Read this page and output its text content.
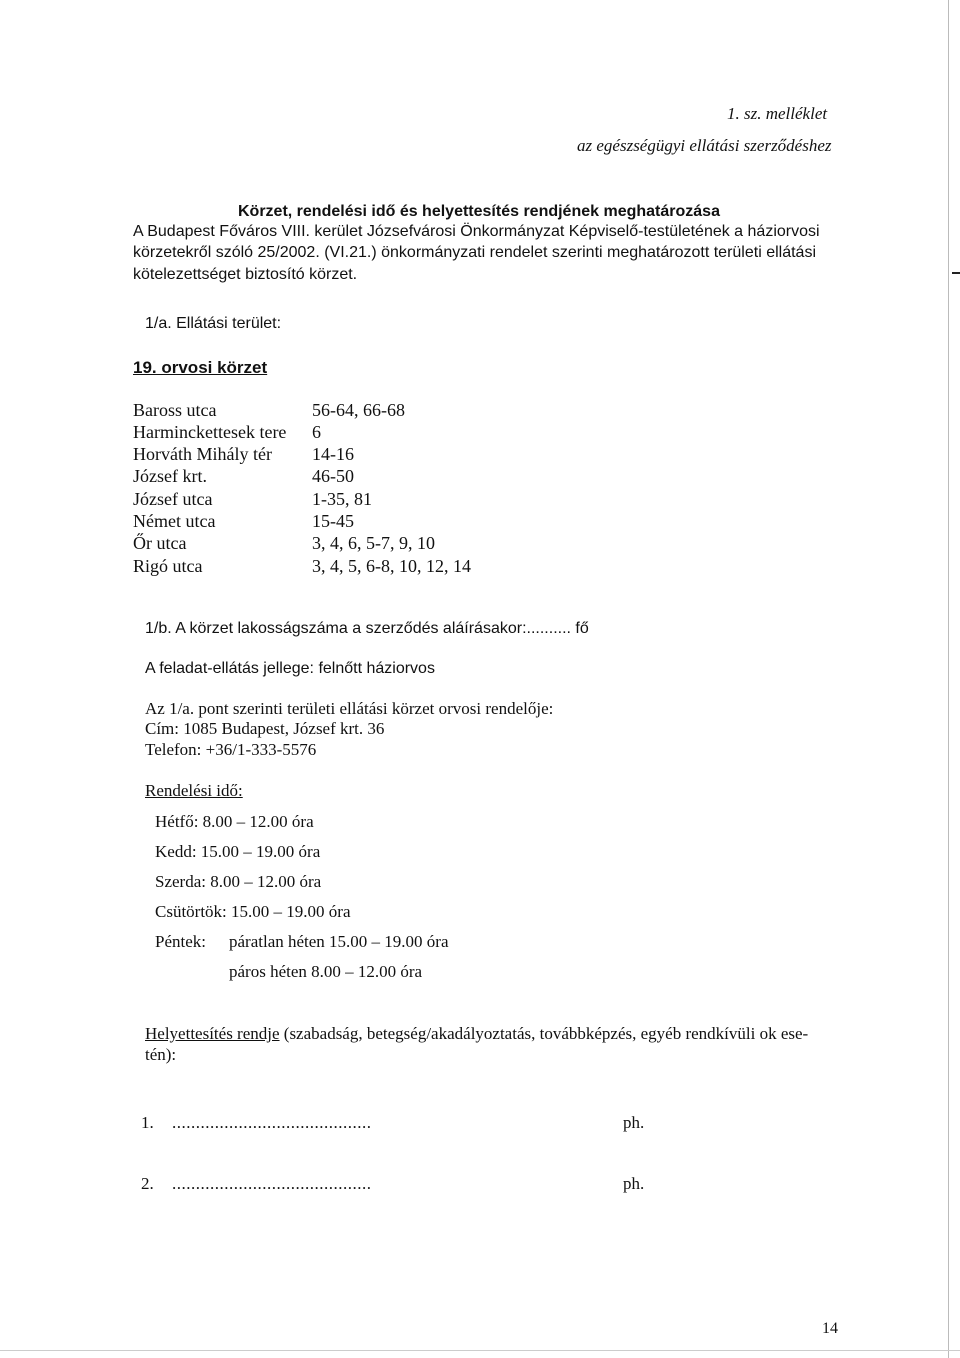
1. sz. melléklet
az egészségügyi ellátási szerződéshez
Körzet, rendelési idő és helyettesítés rendjének meghatározása
A Budapest Főváros VIII. kerület Józsefvárosi Önkormányzat Képviselő-testületének a háziorvosi
körzetekről szóló 25/2002. (VI.21.) önkormányzati rendelet szerinti meghatározott területi ellátási
kötelezettséget biztosító körzet.
1/a. Ellátási terület:
19. orvosi körzet
Baross utca	56-64, 66-68
Harminckettesek tere 6
Horváth Mihály tér 14-16
József krt.	46-50
József utca	1-35, 81
Német utca	15-45
Őr utca	3, 4, 6, 5-7, 9, 10
Rigó utca	3, 4, 5, 6-8, 10, 12, 14
1/b. A körzet lakosságszáma a szerződés aláírásakor:.......... fő
A feladat-ellátás jellege: felnőtt háziorvos
Az 1/a. pont szerinti területi ellátási körzet orvosi rendelője:
Cím: 1085 Budapest, József krt. 36
Telefon: +36/1-333-5576
Rendelési idő:
Hétfő: 8.00 – 12.00 óra
Kedd: 15.00 – 19.00 óra
Szerda: 8.00 – 12.00 óra
Csütörtök: 15.00 – 19.00 óra
Péntek: páratlan héten 15.00 – 19.00 óra
páros héten 8.00 – 12.00 óra
Helyettesítés rendje (szabadság, betegség/akadályoztatás, továbbképzés, egyéb rendkívüli ok ese-
tén):
1. ..........................................	ph.
2. ..........................................	ph.
14
